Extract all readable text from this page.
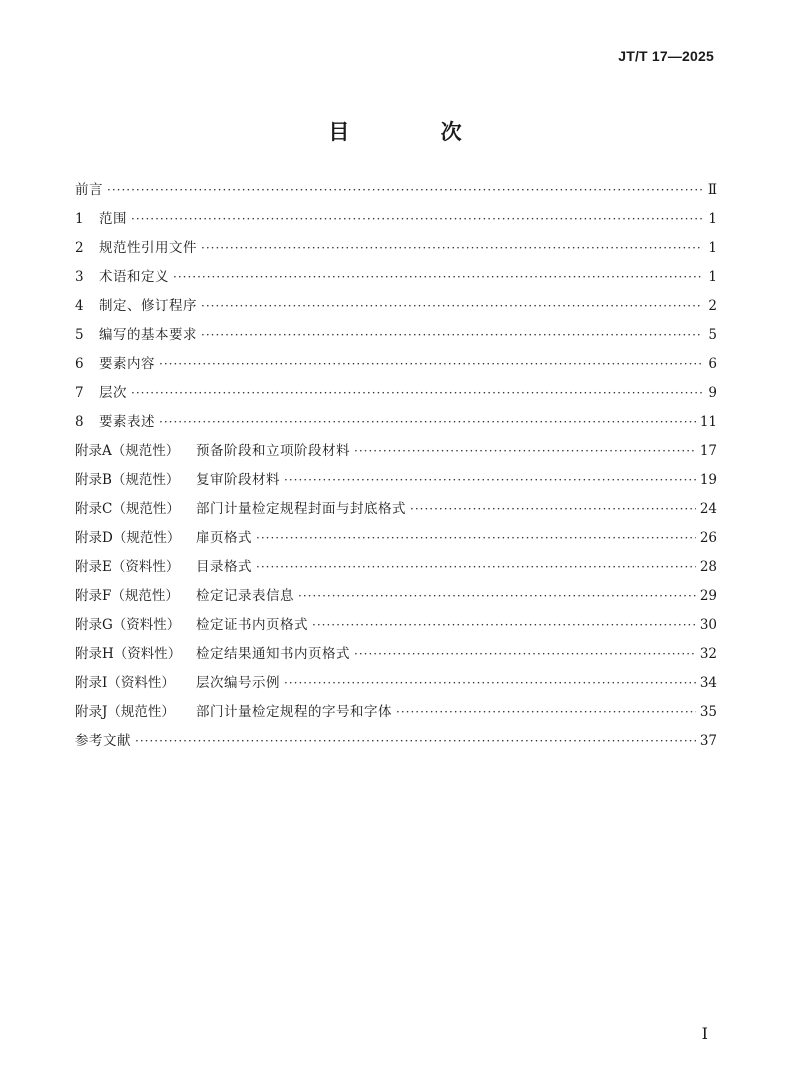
JT/T 17—2025
目 次
前言 ·····	Ⅱ
1	范围 ·····	1
2	规范性引用文件 ·····	1
3	术语和定义 ·····	1
4	制定、修订程序 ·····	2
5	编写的基本要求 ·····	5
6	要素内容 ·····	6
7	层次 ·····	9
8	要素表述 ·····	11
附录A（规范性）	预备阶段和立项阶段材料 ·····	17
附录B（规范性）	复审阶段材料 ·····	19
附录C（规范性）	部门计量检定规程封面与封底格式 ·····	24
附录D（规范性）	扉页格式 ·····	26
附录E（资料性）	目录格式 ·····	28
附录F（规范性）	检定记录表信息 ·····	29
附录G（资料性）	检定证书内页格式 ·····	30
附录H（资料性）	检定结果通知书内页格式 ·····	32
附录I（资料性）	层次编号示例 ·····	34
附录J（规范性）	部门计量检定规程的字号和字体 ·····	35
参考文献 ·····	37
I
